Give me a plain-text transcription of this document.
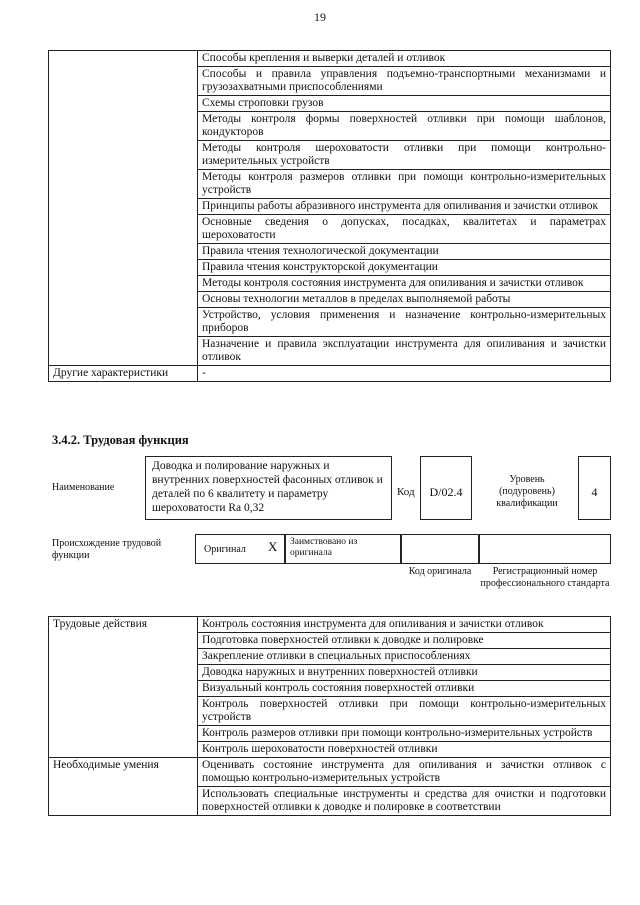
19
	Способы крепления и выверки деталей и отливок
	Способы и правила управления подъемно-транспортными механизмами и грузозахватными приспособлениями
	Схемы строповки грузов
	Методы контроля формы поверхностей отливки при помощи шаблонов, кондукторов
	Методы контроля шероховатости отливки при помощи контрольно-измерительных устройств
	Методы контроля размеров отливки при помощи контрольно-измерительных устройств
	Принципы работы абразивного инструмента для опиливания и зачистки отливок
	Основные сведения о допусках, посадках, квалитетах и параметрах шероховатости
	Правила чтения технологической документации
	Правила чтения конструкторской документации
	Методы контроля состояния инструмента для опиливания и зачистки отливок
	Основы технологии металлов в пределах выполняемой работы
	Устройство, условия применения и назначение контрольно-измерительных приборов
	Назначение и правила эксплуатации инструмента для опиливания и зачистки отливок
Другие характеристики	-
3.4.2. Трудовая функция
Наименование
Доводка и полирование наружных и внутренних поверхностей фасонных отливок и деталей по 6 квалитету и параметру шероховатости Ra 0,32
Код	D/02.4
Уровень (подуровень) квалификации
4
Происхождение трудовой функции
Оригинал X Заимствовано из оригинала
Код оригинала	Регистрационный номер профессионального стандарта
Трудовые действия	Контроль состояния инструмента для опиливания и зачистки отливок
	Подготовка поверхностей отливки к доводке и полировке
	Закрепление отливки в специальных приспособлениях
	Доводка наружных и внутренних поверхностей отливки
	Визуальный контроль состояния поверхностей отливки
	Контроль поверхностей отливки при помощи контрольно-измерительных устройств
	Контроль размеров отливки при помощи контрольно-измерительных устройств
	Контроль шероховатости поверхностей отливки
Необходимые умения	Оценивать состояние инструмента для опиливания и зачистки отливок с помощью контрольно-измерительных устройств
	Использовать специальные инструменты и средства для очистки и подготовки поверхностей отливки к доводке и полировке в соответствии
